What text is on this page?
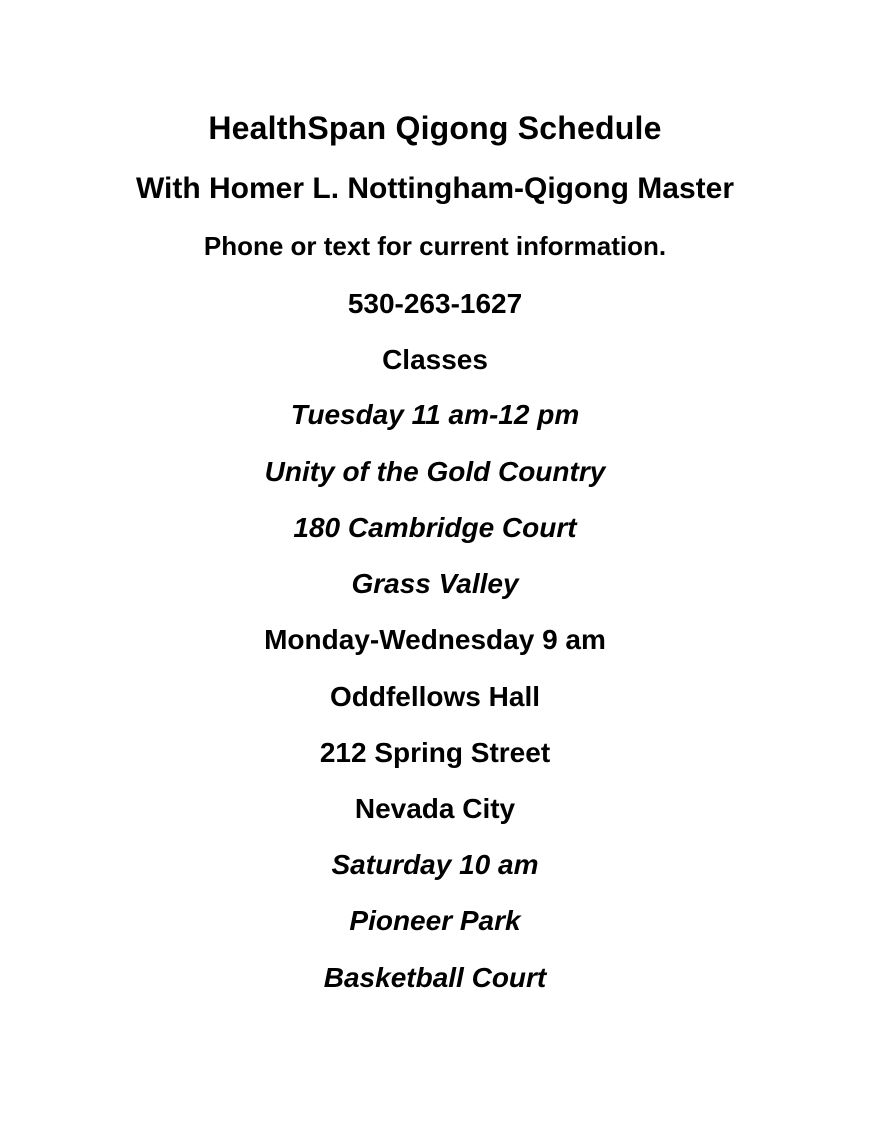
HealthSpan Qigong Schedule
With Homer L. Nottingham-Qigong Master
Phone or text for current information.
530-263-1627
Classes
Tuesday 11 am-12 pm
Unity of the Gold Country
180 Cambridge Court
Grass Valley
Monday-Wednesday 9 am
Oddfellows Hall
212 Spring Street
Nevada City
Saturday 10 am
Pioneer Park
Basketball Court
